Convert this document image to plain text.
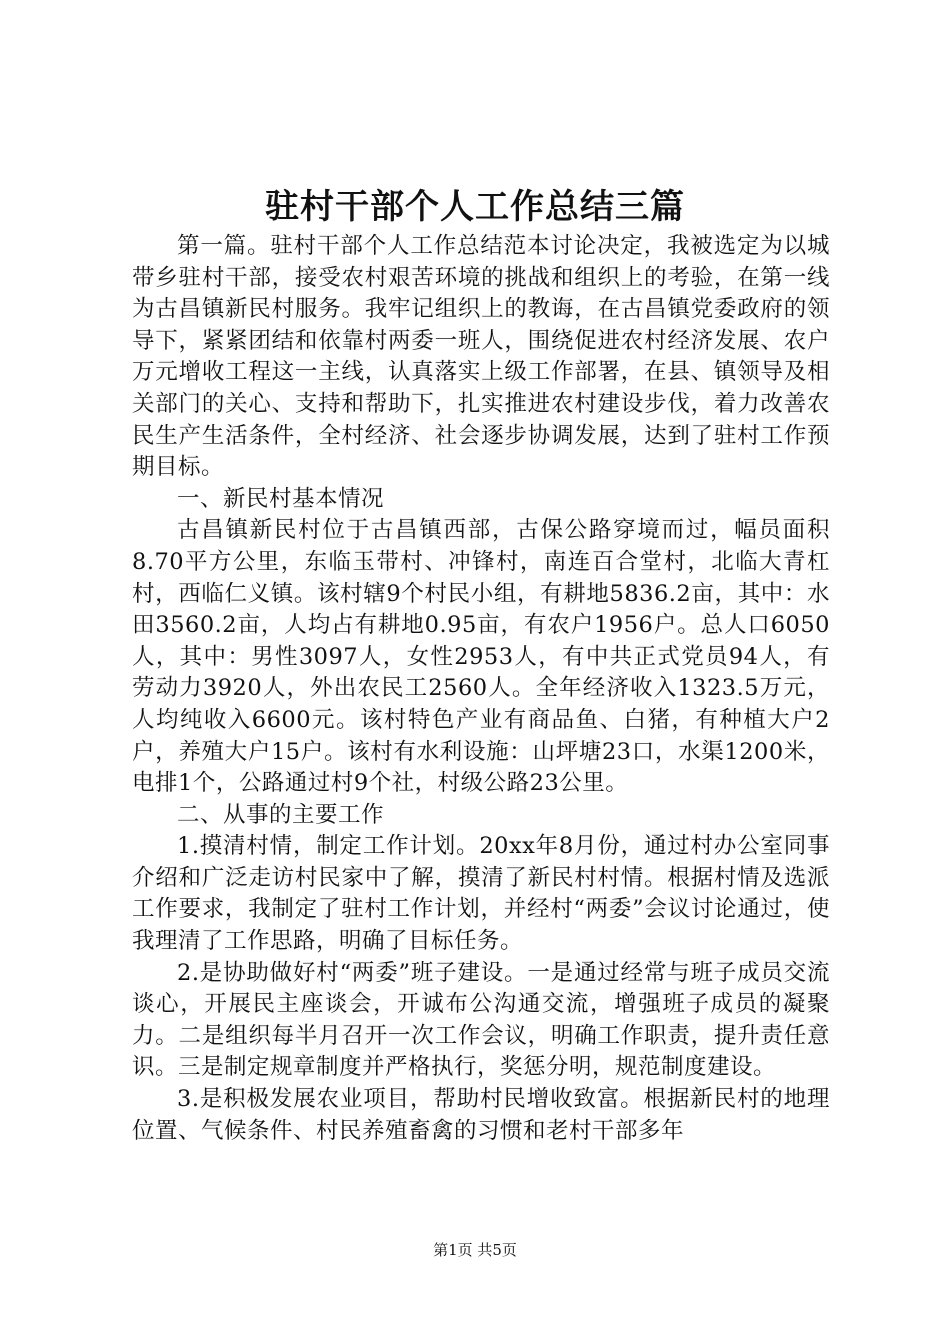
驻村干部个人工作总结三篇

第一篇。驻村干部个人工作总结范本讨论决定，我被选定为以城带乡驻村干部，接受农村艰苦环境的挑战和组织上的考验，在第一线为古昌镇新民村服务。我牢记组织上的教诲，在古昌镇党委政府的领导下，紧紧团结和依靠村两委一班人，围绕促进农村经济发展、农户万元增收工程这一主线，认真落实上级工作部署，在县、镇领导及相关部门的关心、支持和帮助下，扎实推进农村建设步伐，着力改善农民生产生活条件，全村经济、社会逐步协调发展，达到了驻村工作预期目标。

一、新民村基本情况

古昌镇新民村位于古昌镇西部，古保公路穿境而过，幅员面积8.70平方公里，东临玉带村、冲锋村，南连百合堂村，北临大青杠村，西临仁义镇。该村辖9个村民小组，有耕地5836.2亩，其中：水田3560.2亩，人均占有耕地0.95亩，有农户1956户。总人口6050人，其中：男性3097人，女性2953人，有中共正式党员94人，有劳动力3920人，外出农民工2560人。全年经济收入1323.5万元，人均纯收入6600元。该村特色产业有商品鱼、白猪，有种植大户2户，养殖大户15户。该村有水利设施：山坪塘23口，水渠1200米，电排1个，公路通过村9个社，村级公路23公里。

二、从事的主要工作

1.摸清村情，制定工作计划。20xx年8月份，通过村办公室同事介绍和广泛走访村民家中了解，摸清了新民村村情。根据村情及选派工作要求，我制定了驻村工作计划，并经村“两委”会议讨论通过，使我理清了工作思路，明确了目标任务。

2.是协助做好村“两委”班子建设。一是通过经常与班子成员交流谈心，开展民主座谈会，开诚布公沟通交流，增强班子成员的凝聚力。二是组织每半月召开一次工作会议，明确工作职责，提升责任意识。三是制定规章制度并严格执行，奖惩分明，规范制度建设。

3.是积极发展农业项目，帮助村民增收致富。根据新民村的地理位置、气候条件、村民养殖畜禽的习惯和老村干部多年

第1页 共5页
